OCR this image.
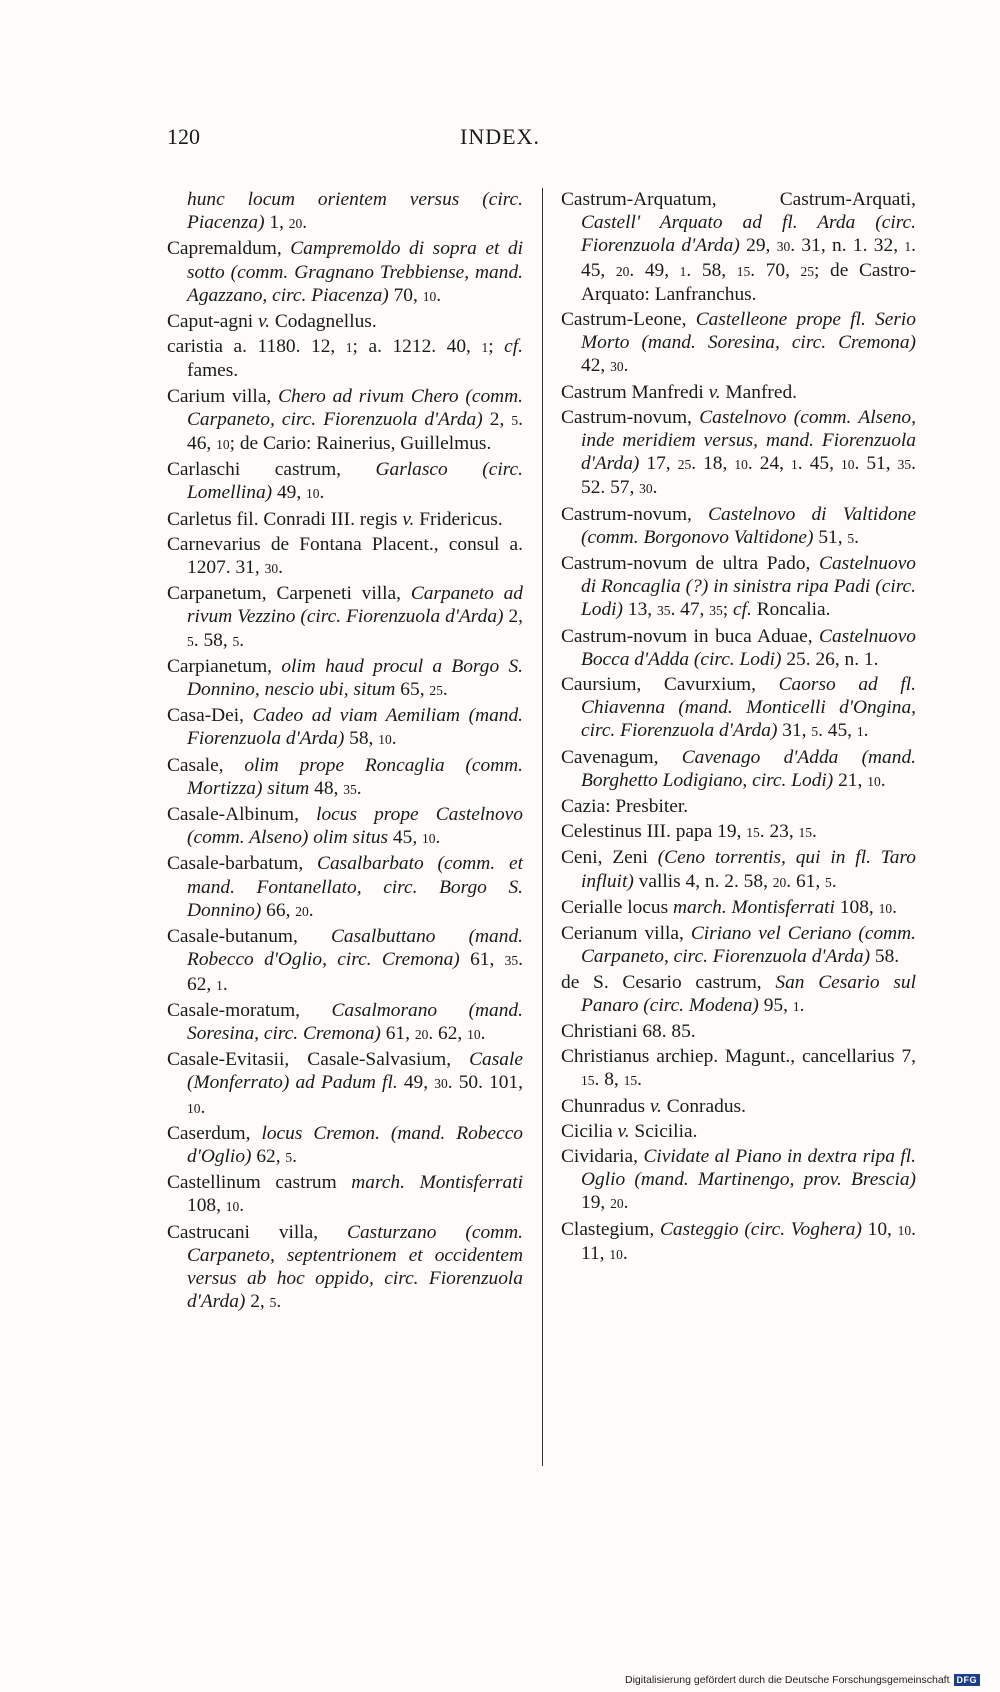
120	INDEX.

hunc locum orientem versus (circ. Piacenza) 1, 20.

Capremaldum, Campremoldo di sopra et di sotto (comm. Gragnano Trebbiense, mand. Agazzano, circ. Piacenza) 70, 10.

Caput-agni v. Codagnellus.

caristia a. 1180. 12, 1; a. 1212. 40, 1; cf. fames.

Carium villa, Chero ad rivum Chero (comm. Carpaneto, circ. Fiorenzuola d'Arda) 2, 5. 46, 10; de Cario: Rainerius, Guillelmus.

Carlaschi castrum, Garlasco (circ. Lomellina) 49, 10.

Carletus fil. Conradi III. regis v. Fridericus.

Carnevarius de Fontana Placent., consul a. 1207. 31, 30.

Carpanetum, Carpeneti villa, Carpaneto ad rivum Vezzino (circ. Fiorenzuola d'Arda) 2, 5. 58, 5.

Carpianetum, olim haud procul a Borgo S. Donnino, nescio ubi, situm 65, 25.

Casa-Dei, Cadeo ad viam Aemiliam (mand. Fiorenzuola d'Arda) 58, 10.

Casale, olim prope Roncaglia (comm. Mortizza) situm 48, 35.

Casale-Albinum, locus prope Castelnovo (comm. Alseno) olim situs 45, 10.

Casale-barbatum, Casalbarbato (comm. et mand. Fontanellato, circ. Borgo S. Donnino) 66, 20.

Casale-butanum, Casalbuttano (mand. Robecco d'Oglio, circ. Cremona) 61, 35. 62, 1.

Casale-moratum, Casalmorano (mand. Soresina, circ. Cremona) 61, 20. 62, 10.

Casale-Evitasii, Casale-Salvasium, Casale (Monferrato) ad Padum fl. 49, 30. 50. 101, 10.

Caserdum, locus Cremon. (mand. Robecco d'Oglio) 62, 5.

Castellinum castrum march. Montisferrati 108, 10.

Castrucani villa, Casturzano (comm. Carpaneto, septentrionem et occidentem versus ab hoc oppido, circ. Fiorenzuola d'Arda) 2, 5.

Castrum-Arquatum, Castrum-Arquati, Castell' Arquato ad fl. Arda (circ. Fiorenzuola d'Arda) 29, 30. 31, n. 1. 32, 1. 45, 20. 49, 1. 58, 15. 70, 25; de Castro-Arquato: Lanfranchus.

Castrum-Leone, Castelleone prope fl. Serio Morto (mand. Soresina, circ. Cremona) 42, 30.

Castrum Manfredi v. Manfred.

Castrum-novum, Castelnovo (comm. Alseno, inde meridiem versus, mand. Fiorenzuola d'Arda) 17, 25. 18, 10. 24, 1. 45, 10. 51, 35. 52. 57, 30.

Castrum-novum, Castelnovo di Valtidone (comm. Borgonovo Valtidone) 51, 5.

Castrum-novum de ultra Pado, Castelnuovo di Roncaglia (?) in sinistra ripa Padi (circ. Lodi) 13, 35. 47, 35; cf. Roncalia.

Castrum-novum in buca Aduae, Castelnuovo Bocca d'Adda (circ. Lodi) 25. 26, n. 1.

Caursium, Cavurxium, Caorso ad fl. Chiavenna (mand. Monticelli d'Ongina, circ. Fiorenzuola d'Arda) 31, 5. 45, 1.

Cavenagum, Cavenago d'Adda (mand. Borghetto Lodigiano, circ. Lodi) 21, 10.

Cazia: Presbiter.

Celestinus III. papa 19, 15. 23, 15.

Ceni, Zeni (Ceno torrentis, qui in fl. Taro influit) vallis 4, n. 2. 58, 20. 61, 5.

Cerialle locus march. Montisferrati 108, 10.

Cerianum villa, Ciriano vel Ceriano (comm. Carpaneto, circ. Fiorenzuola d'Arda) 58.

de S. Cesario castrum, San Cesario sul Panaro (circ. Modena) 95, 1.

Christiani 68. 85.

Christianus archiep. Magunt., cancellarius 7, 15. 8, 15.

Chunradus v. Conradus.

Cicilia v. Scicilia.

Cividaria, Cividate al Piano in dextra ripa fl. Oglio (mand. Martinengo, prov. Brescia) 19, 20.

Clastegium, Casteggio (circ. Voghera) 10, 10. 11, 10.

Digitalisierung gefördert durch die Deutsche Forschungsgemeinschaft DFG
